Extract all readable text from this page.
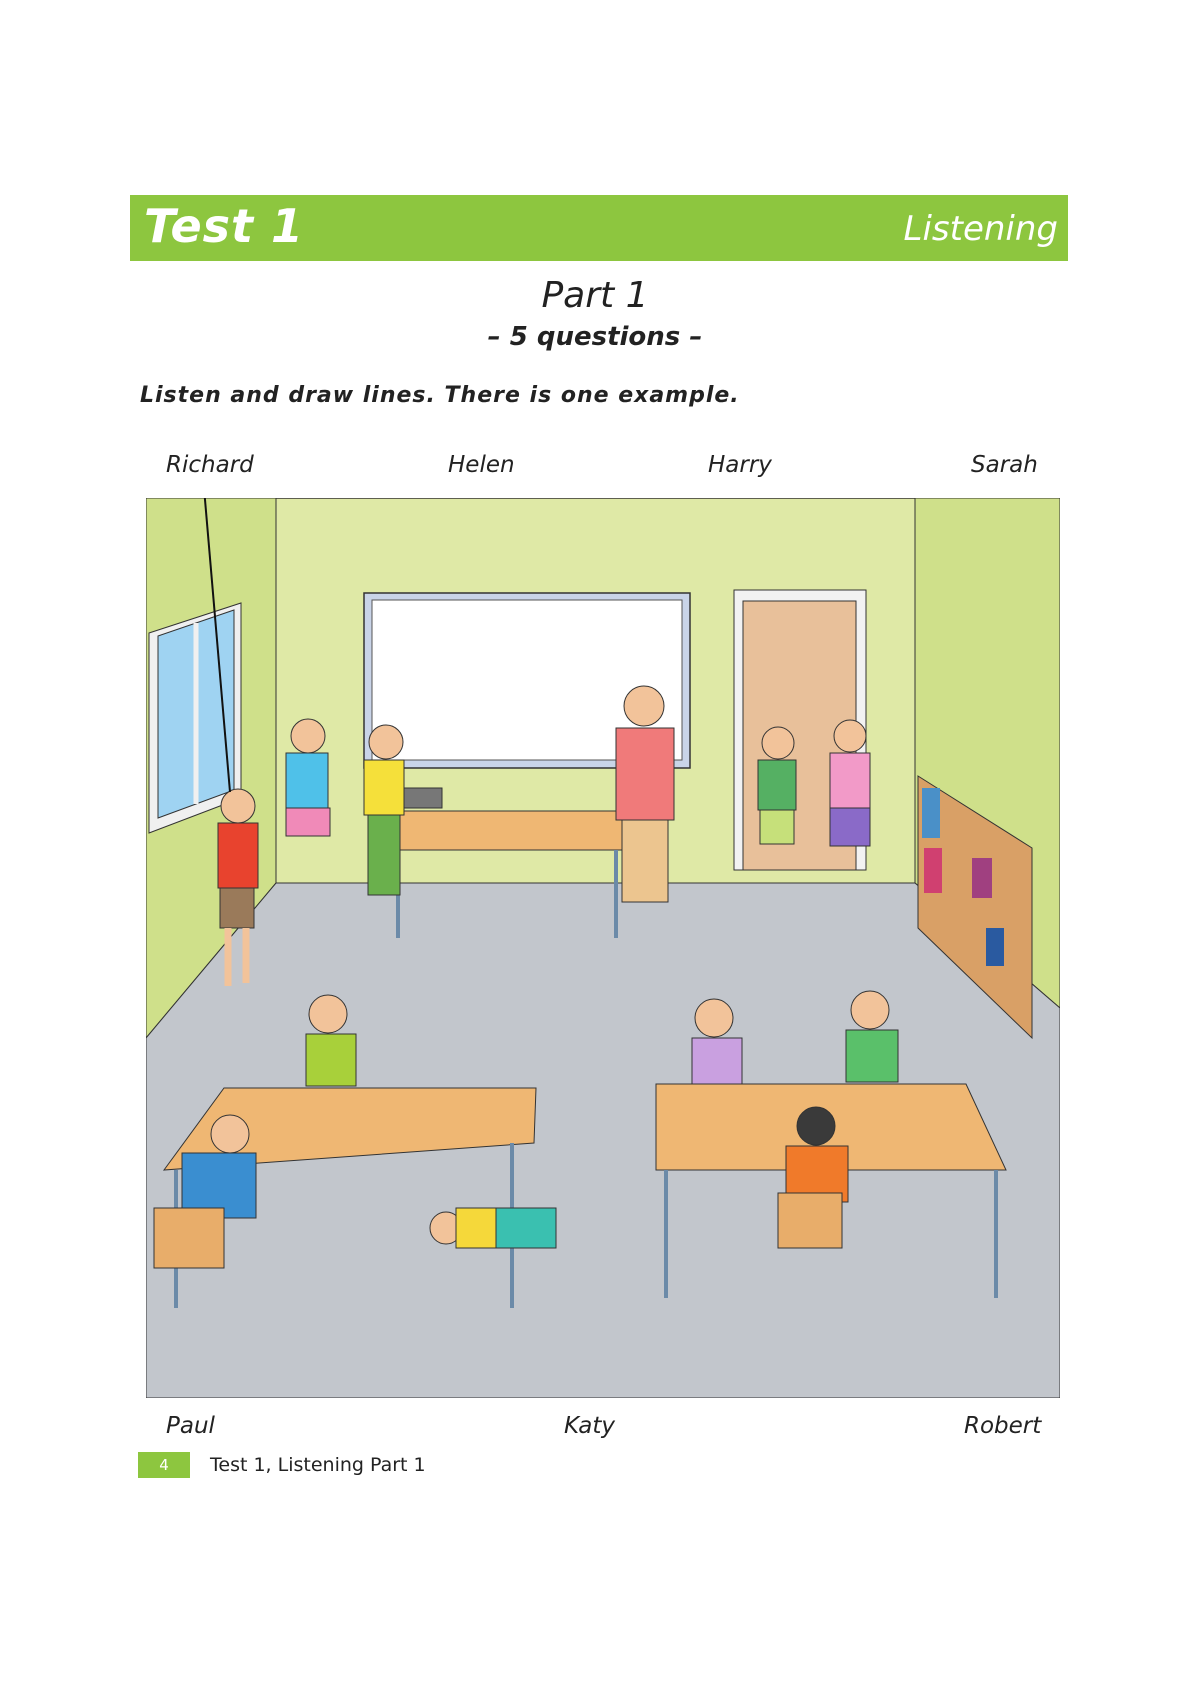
Test 1	Listening
Part 1
– 5 questions –
Listen and draw lines. There is one example.
Richard	Helen	Harry	Sarah
Paul	Katy	Robert
4	Test 1, Listening Part 1
